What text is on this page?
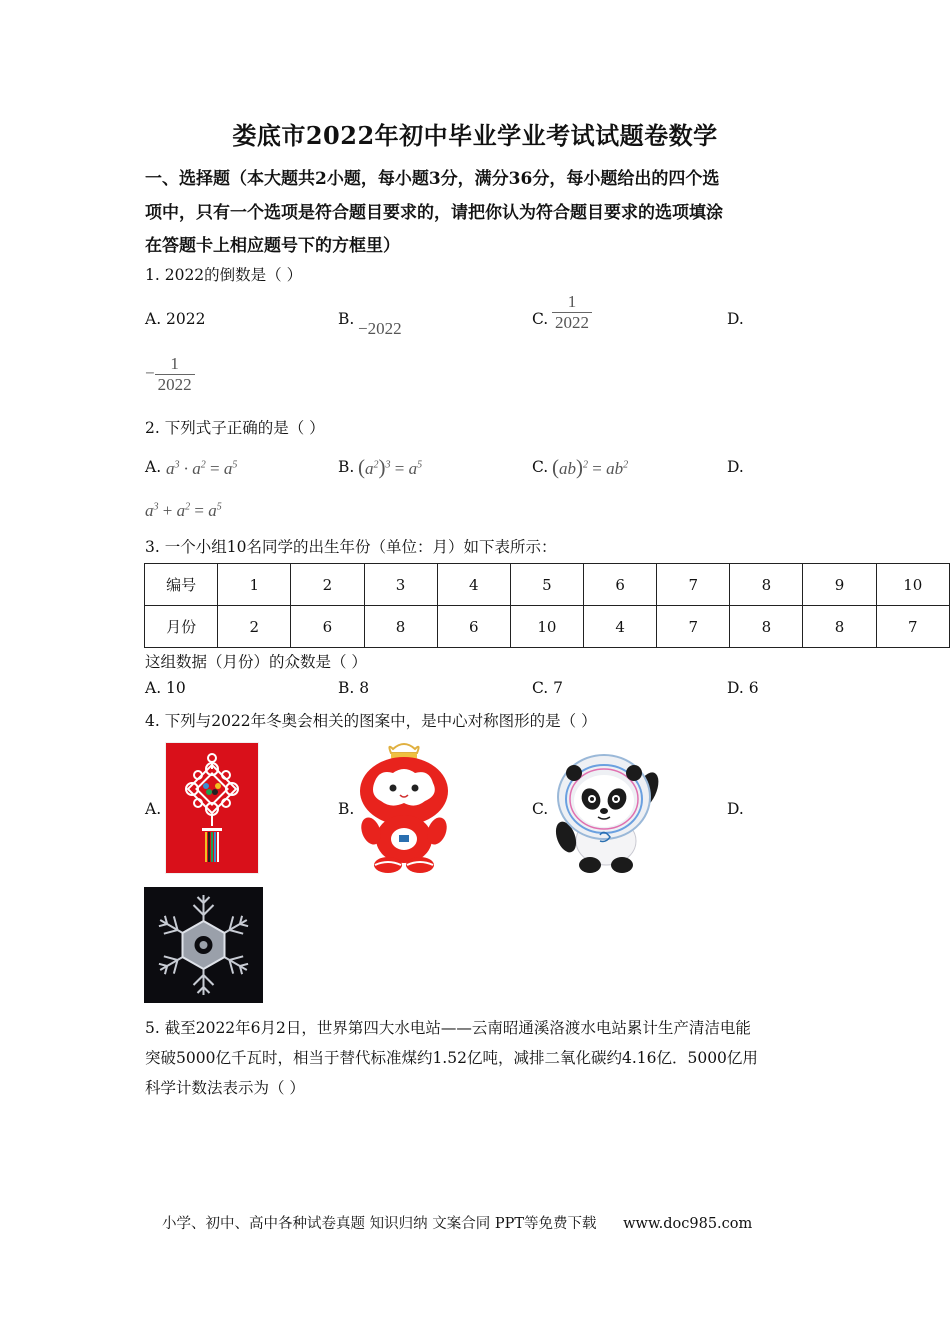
娄底市2022年初中毕业学业考试试题卷数学
一、选择题（本大题共2小题，每小题3分，满分36分，每小题给出的四个选
项中，只有一个选项是符合题目要求的，请把你认为符合题目要求的选项填涂
在答题卡上相应题号下的方框里）
1. 2022的倒数是（ ）
A. 2022	B. −2022	C. $\frac{1}{2022}$	D.
− $\frac{1}{2022}$
2. 下列式子正确的是（ ）
A. $a^3 \cdot a^2 = a^5$	B. $(a^2)^3 = a^5$	C. $(ab)^2 = ab^2$	D.
$a^3 + a^2 = a^5$
3. 一个小组10名同学的出生年份（单位：月）如下表所示：
编号	1	2	3	4	5	6	7	8	9	10
月份	2	6	8	6	10	4	7	8	8	7
这组数据（月份）的众数是（ ）
A. 10	B. 8	C. 7	D. 6
4. 下列与2022年冬奥会相关的图案中，是中心对称图形的是（ ）
A.	B.	C.	D.
5. 截至2022年6月2日，世界第四大水电站——云南昭通溪洛渡水电站累计生产清洁电能
突破5000亿千瓦时，相当于替代标准煤约1.52亿吨，减排二氧化碳约4.16亿．5000亿用
科学计数法表示为（ ）
小学、初中、高中各种试卷真题 知识归纳 文案合同 PPT等免费下载 www.doc985.com
